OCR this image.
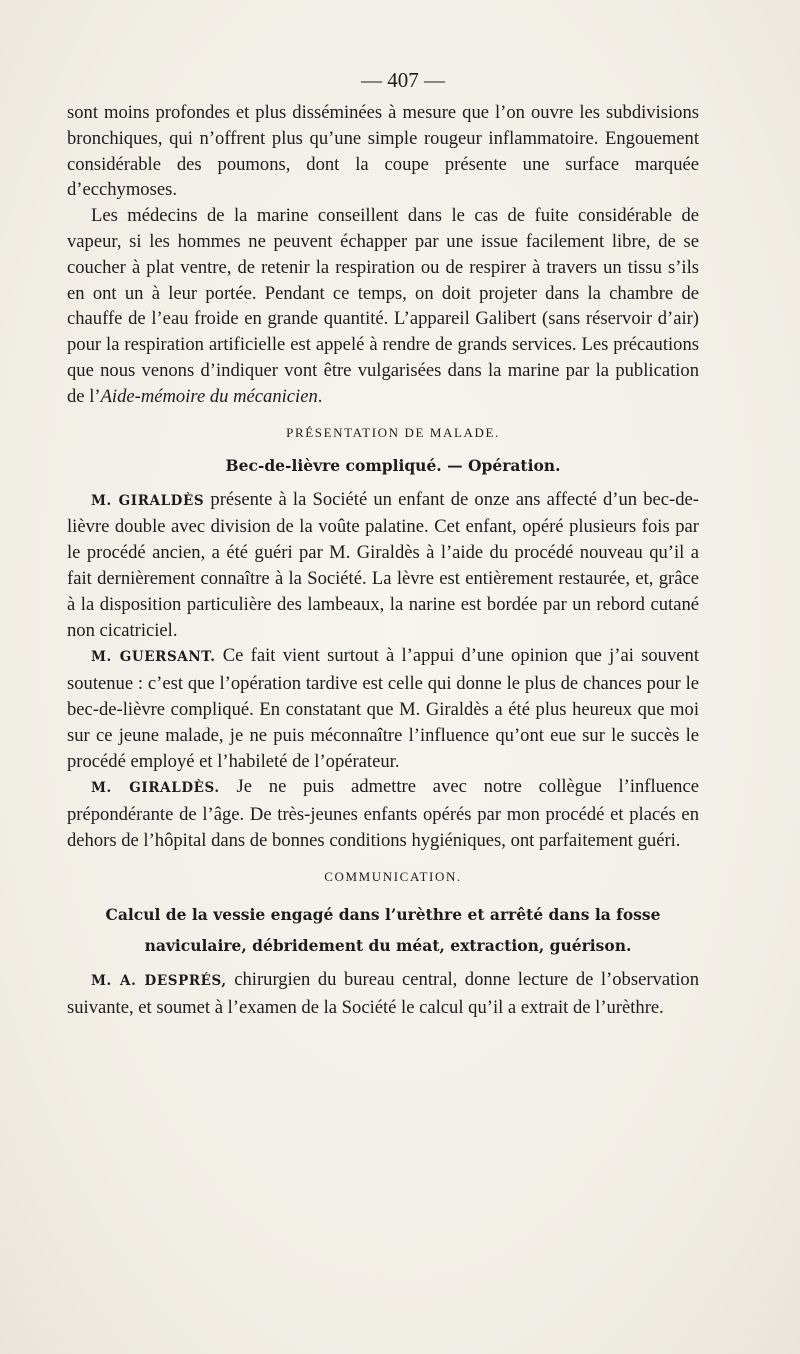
— 407 —

sont moins profondes et plus disséminées à mesure que l’on ouvre les subdivisions bronchiques, qui n’offrent plus qu’une simple rougeur inflammatoire. Engouement considérable des poumons, dont la coupe présente une surface marquée d’ecchymoses.

Les médecins de la marine conseillent dans le cas de fuite considérable de vapeur, si les hommes ne peuvent échapper par une issue facilement libre, de se coucher à plat ventre, de retenir la respiration ou de respirer à travers un tissu s’ils en ont un à leur portée. Pendant ce temps, on doit projeter dans la chambre de chauffe de l’eau froide en grande quantité. L’appareil Galibert (sans réservoir d’air) pour la respiration artificielle est appelé à rendre de grands services. Les précautions que nous venons d’indiquer vont être vulgarisées dans la marine par la publication de l’Aide-mémoire du mécanicien.

PRÉSENTATION DE MALADE.
Bec-de-lièvre compliqué. — Opération.

M. GIRALDÈS présente à la Société un enfant de onze ans affecté d’un bec-de-lièvre double avec division de la voûte palatine. Cet enfant, opéré plusieurs fois par le procédé ancien, a été guéri par M. Giraldès à l’aide du procédé nouveau qu’il a fait dernièrement connaître à la Société. La lèvre est entièrement restaurée, et, grâce à la disposition particulière des lambeaux, la narine est bordée par un rebord cutané non cicatriciel.

M. GUERSANT. Ce fait vient surtout à l’appui d’une opinion que j’ai souvent soutenue : c’est que l’opération tardive est celle qui donne le plus de chances pour le bec-de-lièvre compliqué. En constatant que M. Giraldès a été plus heureux que moi sur ce jeune malade, je ne puis méconnaître l’influence qu’ont eue sur le succès le procédé employé et l’habileté de l’opérateur.

M. GIRALDÈS. Je ne puis admettre avec notre collègue l’influence prépondérante de l’âge. De très-jeunes enfants opérés par mon procédé et placés en dehors de l’hôpital dans de bonnes conditions hygiéniques, ont parfaitement guéri.

COMMUNICATION.
Calcul de la vessie engagé dans l’urèthre et arrêté dans la fosse
naviculaire, débridement du méat, extraction, guérison.

M. A. DESPRÉS, chirurgien du bureau central, donne lecture de l’observation suivante, et soumet à l’examen de la Société le calcul qu’il a extrait de l’urèthre.
